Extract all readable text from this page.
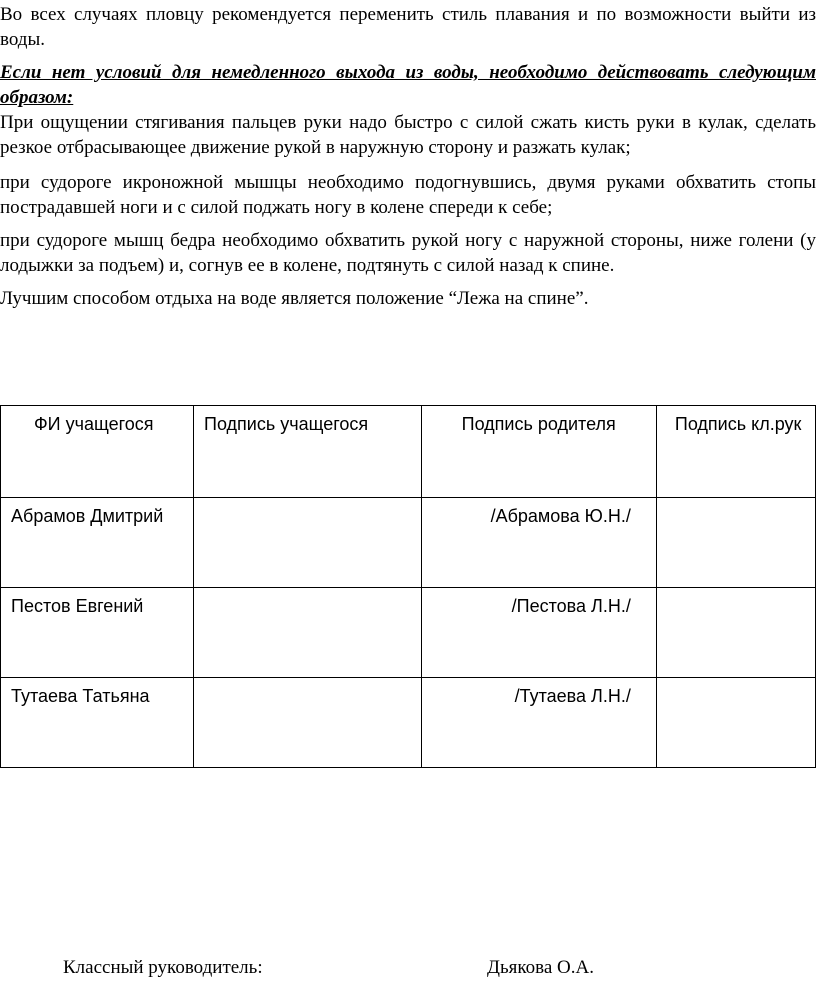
Во всех случаях пловцу рекомендуется переменить стиль плавания и по возможности выйти из воды.

Если нет условий для немедленного выхода из воды, необходимо действовать следующим образом:

При ощущении стягивания пальцев руки надо быстро с силой сжать кисть руки в кулак, сделать резкое отбрасывающее движение рукой в наружную сторону и разжать кулак;

при судороге икроножной мышцы необходимо подогнувшись, двумя руками обхватить стопы пострадавшей ноги и с силой поджать ногу в колене спереди к себе;

при судороге мышц бедра необходимо обхватить рукой ногу с наружной стороны, ниже голени (у лодыжки за подъем) и, согнув ее в колене, подтянуть с силой назад к спине.

Лучшим способом отдыха на воде является положение “Лежа на спине”.

ФИ учащегося	Подпись учащегося	Подпись родителя	Подпись кл.рук

Абрамов Дмитрий		/Абрамова Ю.Н./	

Пестов Евгений		/Пестова Л.Н./	

Тутаева Татьяна		/Тутаева Л.Н./	

Классный руководитель:	Дьякова О.А.
